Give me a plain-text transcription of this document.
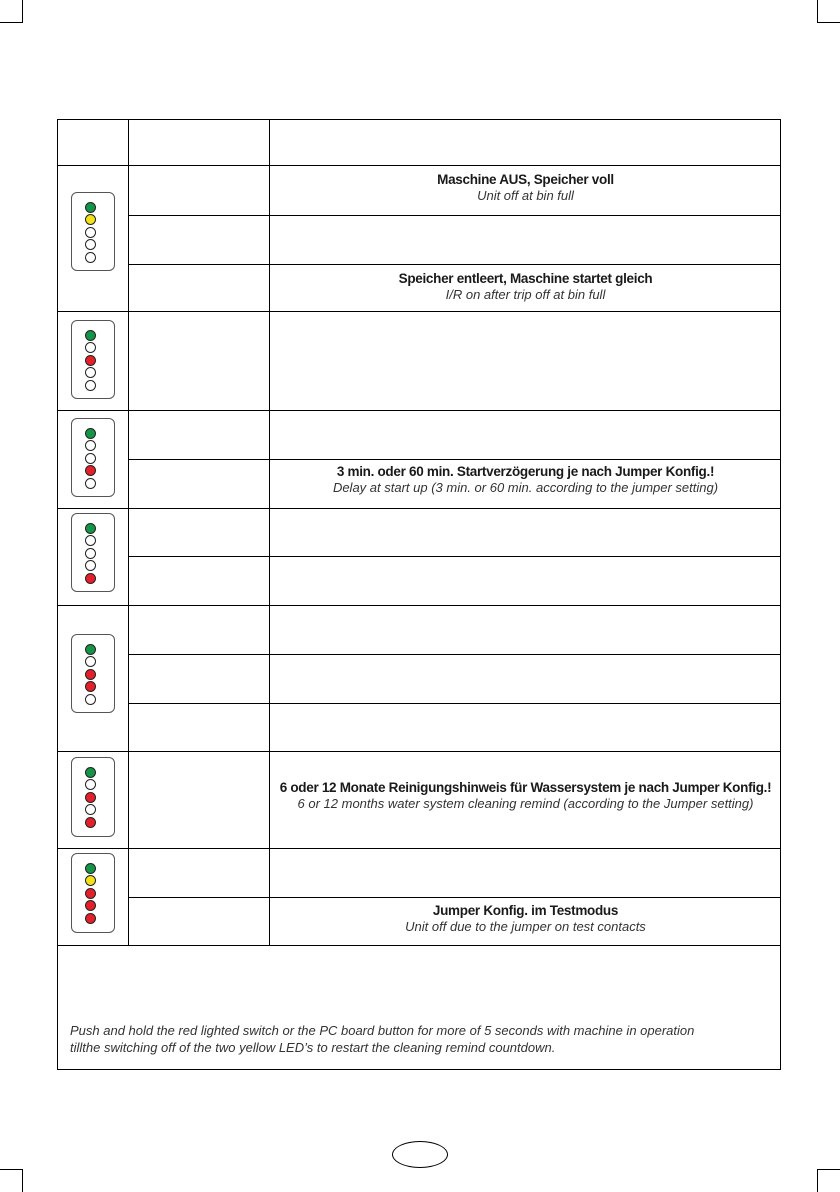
Maschine AUS, Speicher voll
Unit off at bin full
Speicher entleert, Maschine startet gleich
I/R on after trip off at bin full
3 min. oder 60 min. Startverzögerung je nach Jumper Konfig.!
Delay at start up (3 min. or 60 min. according to the jumper setting)
6 oder 12 Monate Reinigungshinweis für Wassersystem je nach Jumper Konfig.!
6 or 12 months water system cleaning remind (according to the Jumper setting)
Jumper Konfig. im Testmodus
Unit off due to the jumper on test contacts
Push and hold the red lighted switch or the PC board button for more of 5 seconds with machine in operation
tillthe switching off of the two yellow LED’s to restart the cleaning remind countdown.
